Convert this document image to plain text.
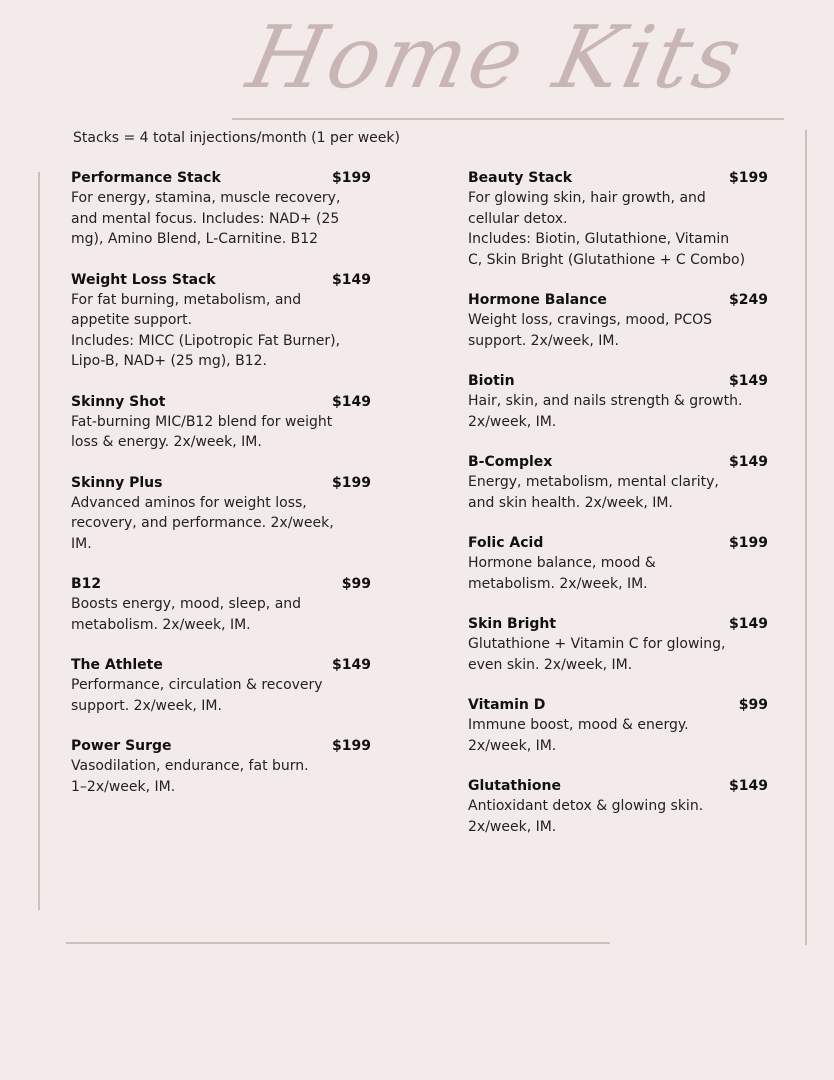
Home Kits
Stacks = 4 total injections/month (1 per week)
Performance Stack	$199
For energy, stamina, muscle recovery,
and mental focus. Includes: NAD+ (25
mg), Amino Blend, L-Carnitine. B12
Weight Loss Stack	$149
For fat burning, metabolism, and
appetite support.
Includes: MICC (Lipotropic Fat Burner),
Lipo-B, NAD+ (25 mg), B12.
Skinny Shot	$149
Fat-burning MIC/B12 blend for weight
loss & energy. 2x/week, IM.
Skinny Plus	$199
Advanced aminos for weight loss,
recovery, and performance. 2x/week,
IM.
B12	$99
Boosts energy, mood, sleep, and
metabolism. 2x/week, IM.
The Athlete	$149
Performance, circulation & recovery
support. 2x/week, IM.
Power Surge	$199
Vasodilation, endurance, fat burn.
1–2x/week, IM.
Beauty Stack	$199
For glowing skin, hair growth, and
cellular detox.
Includes: Biotin, Glutathione, Vitamin
C, Skin Bright (Glutathione + C Combo)
Hormone Balance	$249
Weight loss, cravings, mood, PCOS
support. 2x/week, IM.
Biotin	$149
Hair, skin, and nails strength & growth.
2x/week, IM.
B-Complex	$149
Energy, metabolism, mental clarity,
and skin health. 2x/week, IM.
Folic Acid	$199
Hormone balance, mood &
metabolism. 2x/week, IM.
Skin Bright	$149
Glutathione + Vitamin C for glowing,
even skin. 2x/week, IM.
Vitamin D	$99
Immune boost, mood & energy.
2x/week, IM.
Glutathione	$149
Antioxidant detox & glowing skin.
2x/week, IM.
